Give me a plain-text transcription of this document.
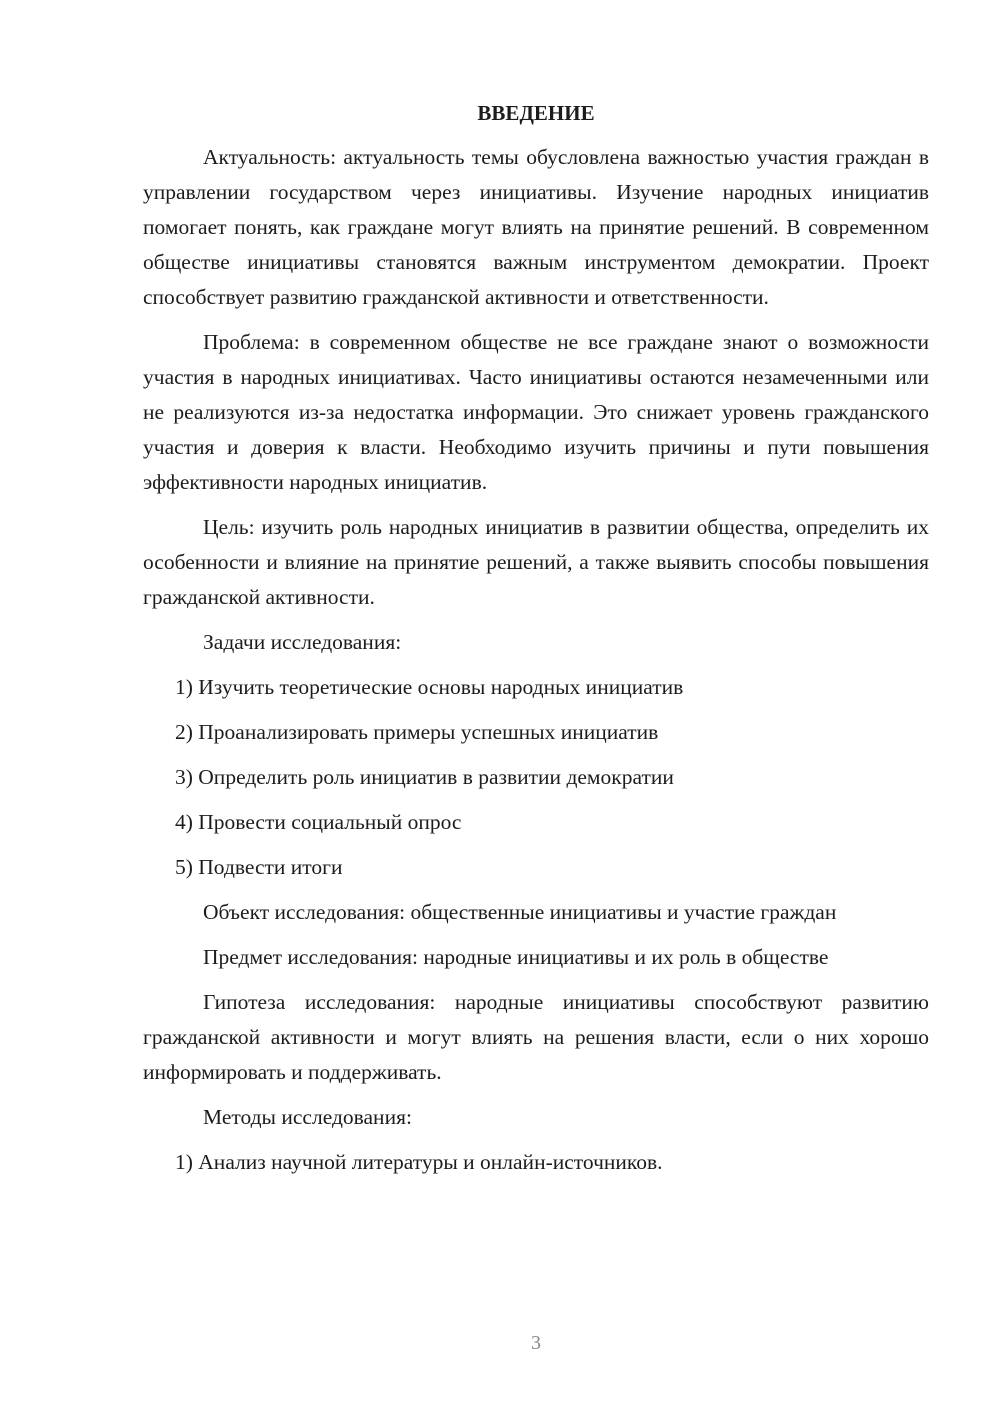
ВВЕДЕНИЕ
Актуальность: актуальность темы обусловлена важностью участия граждан в управлении государством через инициативы. Изучение народных инициатив помогает понять, как граждане могут влиять на принятие решений. В современном обществе инициативы становятся важным инструментом демократии. Проект способствует развитию гражданской активности и ответственности.
Проблема: в современном обществе не все граждане знают о возможности участия в народных инициативах. Часто инициативы остаются незамеченными или не реализуются из-за недостатка информации. Это снижает уровень гражданского участия и доверия к власти. Необходимо изучить причины и пути повышения эффективности народных инициатив.
Цель: изучить роль народных инициатив в развитии общества, определить их особенности и влияние на принятие решений, а также выявить способы повышения гражданской активности.
Задачи исследования:
1) Изучить теоретические основы народных инициатив
2) Проанализировать примеры успешных инициатив
3) Определить роль инициатив в развитии демократии
4) Провести социальный опрос
5) Подвести итоги
Объект исследования: общественные инициативы и участие граждан
Предмет исследования: народные инициативы и их роль в обществе
Гипотеза исследования: народные инициативы способствуют развитию гражданской активности и могут влиять на решения власти, если о них хорошо информировать и поддерживать.
Методы исследования:
1) Анализ научной литературы и онлайн-источников.
3
